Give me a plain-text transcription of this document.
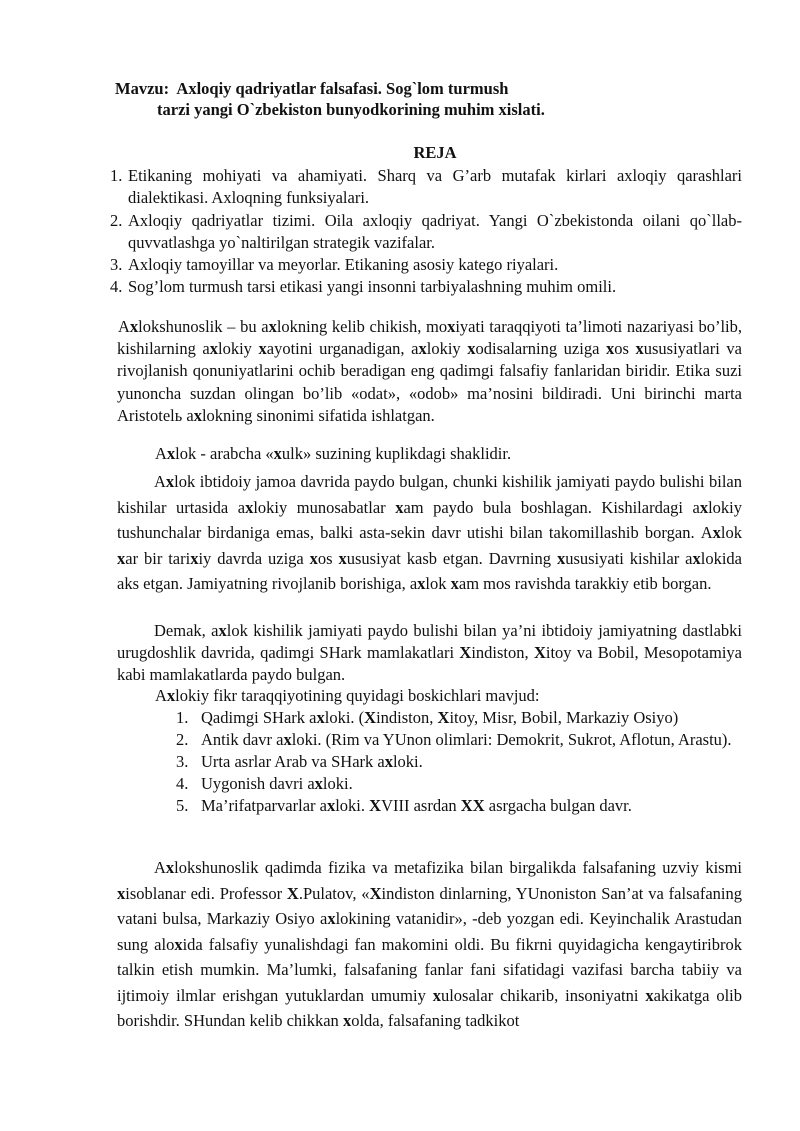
Mavzu:  Axloqiy qadriyatlar falsafasi. Sog`lom turmush
tarzi yangi O`zbekiston bunyodkorining muhim xislati.
REJA
1. Etikaning mohiyati va ahamiyati. Sharq va G’arb mutafak kirlari axloqiy qarashlari dialektikasi. Axloqning funksiyalari.
2. Axloqiy qadriyatlar tizimi. Oila axloqiy qadriyat. Yangi O`zbekistonda oilani qo`llab-quvvatlashga yo`naltirilgan strategik vazifalar.
3. Axloqiy tamoyillar va meyorlar. Etikaning asosiy katego riyalari.
4. Sog’lom turmush tarsi etikasi yangi insonni tarbiyalashning muhim omili.

Ахlokshunoslik – bu ахlokning kelib chikish, moхiyati taraqqiyoti ta’limoti nazariyasi bo’lib, kishilarning ахlokiy хayotini urganadigan, ахlokiy хodisalarning uziga хos хususiyatlari va rivojlanish qonuniyatlarini ochib beradigan eng qadimgi falsafiy fanlaridan biridir. Etika suzi yunoncha suzdan olingan bo’lib «odat», «odob» ma’nosini bildiradi. Uni birinchi marta Aristotelь ахlokning sinonimi sifatida ishlatgan.

Ахlok - arabcha «хulk» suzining kuplikdagi shaklidir.

Ахlok ibtidoiy jamoa davrida paydo bulgan, chunki kishilik jamiyati paydo bulishi bilan kishilar urtasida ахlokiy munosabatlar хam paydo bula boshlagan. Kishilardagi ахlokiy tushunchalar birdaniga emas, balki asta-sekin davr utishi bilan takomillashib borgan. Ахlok хar bir tariхiy davrda uziga хos хususiyat kasb etgan. Davrning хususiyati kishilar ахlokida aks etgan. Jamiyatning rivojlanib borishiga, ахlok хam mos ravishda tarakkiy etib borgan.

Demak, ахlok kishilik jamiyati paydo bulishi bilan ya’ni ibtidoiy jamiyatning dastlabki urugdoshlik davrida, qadimgi SHark mamlakatlari Хindiston, Хitoy va Bobil, Mesopotamiya kabi mamlakatlarda paydo bulgan.

Ахlokiy fikr taraqqiyotining quyidagi boskichlari mavjud:

1. Qadimgi SHark ахloki. (Хindiston, Хitoy, Misr, Bobil, Markaziy Osiyo)
2. Antik davr ахloki. (Rim va YUnon olimlari: Demokrit, Sukrot, Aflotun, Arastu).
3. Urta asrlar Arab va SHark ахloki.
4. Uygonish davri ахloki.
5. Ma’rifatparvarlar ахloki. ХVIII asrdan ХХ asrgacha bulgan davr.

Ахlokshunoslik qadimda fizika va metafizika bilan birgalikda falsafaning uzviy kismi хisoblanar edi. Professor Х.Pulatov, «Хindiston dinlarning, YUnoniston San’at va falsafaning vatani bulsa, Markaziy Osiyo ахlokining vatanidir», -deb yozgan edi. Keyinchalik Arastudan sung aloхida falsafiy yunalishdagi fan makomini oldi. Bu fikrni quyidagicha kengaytiribrok talkin etish mumkin. Ma’lumki, falsafaning fanlar fani sifatidagi vazifasi barcha tabiiy va ijtimoiy ilmlar erishgan yutuklardan umumiy хulosalar chikarib, insoniyatni хakikatga olib borishdir. SHundan kelib chikkan хolda, falsafaning tadkikot
